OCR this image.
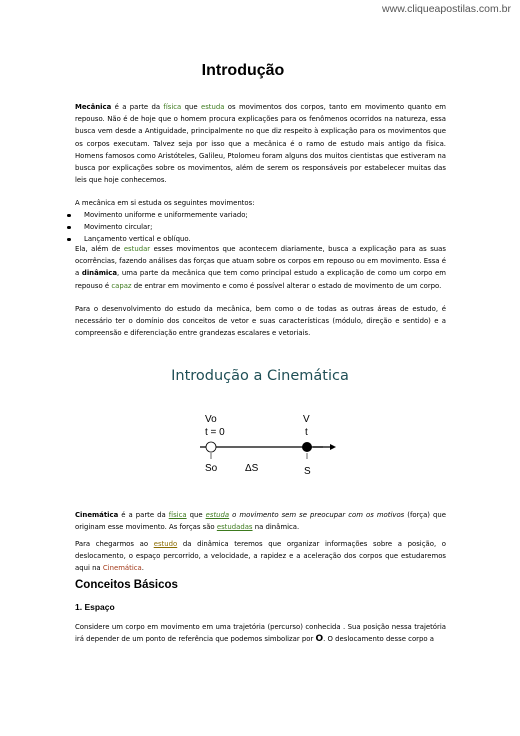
www.cliqueapostilas.com.br
Introdução
Mecânica é a parte da física que estuda os movimentos dos corpos, tanto em movimento quanto em repouso. Não é de hoje que o homem procura explicações para os fenômenos ocorridos na natureza, essa busca vem desde a Antiguidade, principalmente no que diz respeito à explicação para os movimentos que os corpos executam. Talvez seja por isso que a mecânica é o ramo de estudo mais antigo da física. Homens famosos como Aristóteles, Galileu, Ptolomeu foram alguns dos muitos cientistas que estiveram na busca por explicações sobre os movimentos, além de serem os responsáveis por estabelecer muitas das leis que hoje conhecemos.
A mecânica em si estuda os seguintes movimentos:
Movimento uniforme e uniformemente variado;
Movimento circular;
Lançamento vertical e oblíquo.
Ela, além de estudar esses movimentos que acontecem diariamente, busca a explicação para as suas ocorrências, fazendo análises das forças que atuam sobre os corpos em repouso ou em movimento. Essa é a dinâmica, uma parte da mecânica que tem como principal estudo a explicação de como um corpo em repouso é capaz de entrar em movimento e como é possível alterar o estado de movimento de um corpo.
Para o desenvolvimento do estudo da mecânica, bem como o de todas as outras áreas de estudo, é necessário ter o domínio dos conceitos de vetor e suas características (módulo, direção e sentido) e a compreensão e diferenciação entre grandezas escalares e vetoriais.
Introdução a Cinemática
Vo
t = 0
V
t
So	ΔS	S
Cinemática é a parte da física que estuda o movimento sem se preocupar com os motivos (força) que originam esse movimento. As forças são estudadas na dinâmica.
Para chegarmos ao estudo da dinâmica teremos que organizar informações sobre a posição, o deslocamento, o espaço percorrido, a velocidade, a rapidez e a aceleração dos corpos que estudaremos aqui na Cinemática.
Conceitos Básicos
1. Espaço
Considere um corpo em movimento em uma trajetória (percurso) conhecida . Sua posição nessa trajetória irá depender de um ponto de referência que podemos simbolizar por O. O deslocamento desse corpo a
